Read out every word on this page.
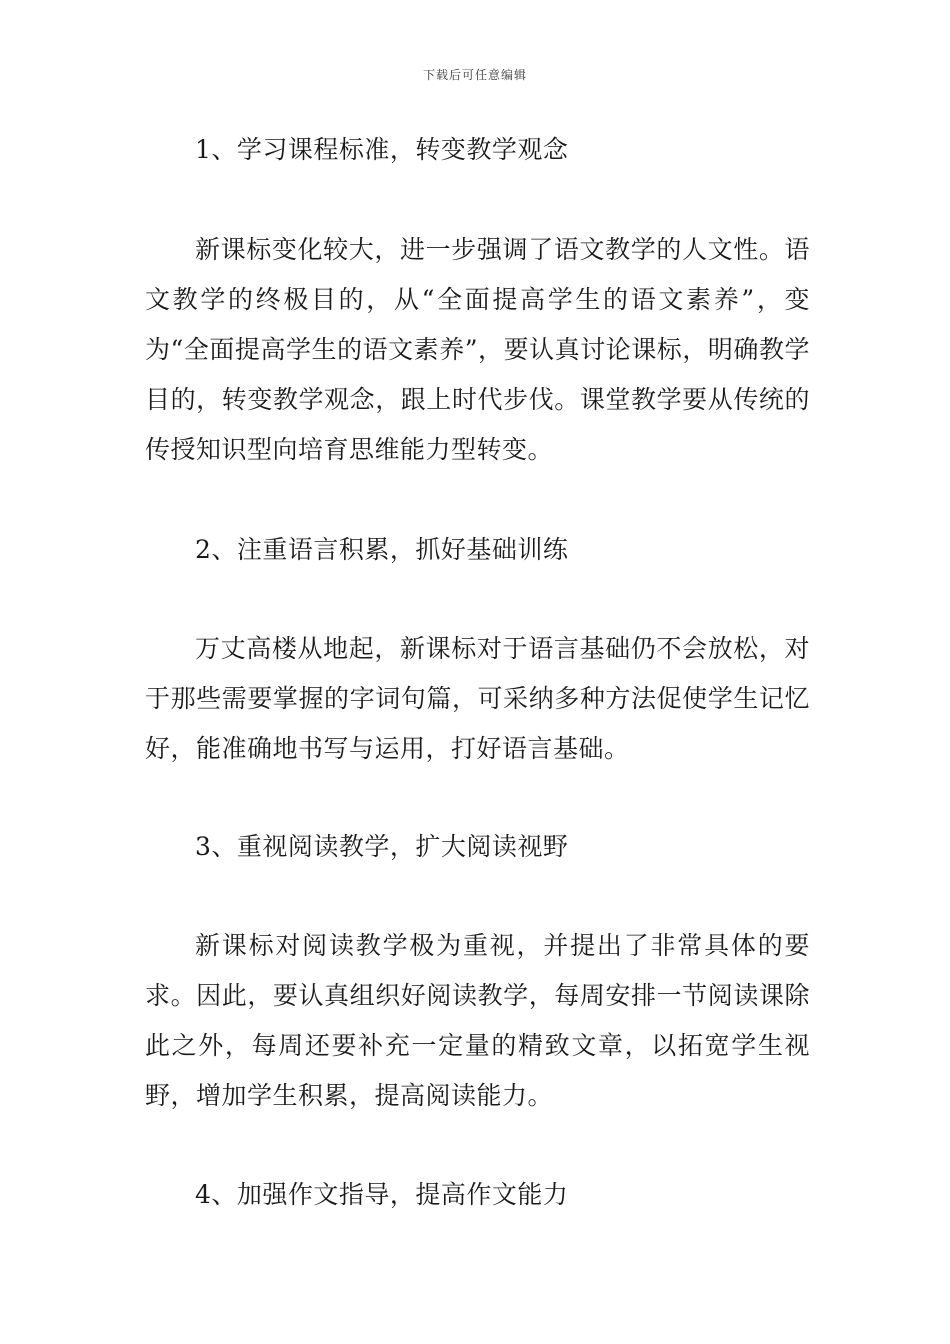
下载后可任意编辑
1、学习课程标准，转变教学观念
新课标变化较大，进一步强调了语文教学的人文性。语文教学的终极目的，从“全面提高学生的语文素养”，变为“全面提高学生的语文素养”，要认真讨论课标，明确教学目的，转变教学观念，跟上时代步伐。课堂教学要从传统的传授知识型向培育思维能力型转变。
2、注重语言积累，抓好基础训练
万丈高楼从地起，新课标对于语言基础仍不会放松，对于那些需要掌握的字词句篇，可采纳多种方法促使学生记忆好，能准确地书写与运用，打好语言基础。
3、重视阅读教学，扩大阅读视野
新课标对阅读教学极为重视，并提出了非常具体的要求。因此，要认真组织好阅读教学，每周安排一节阅读课除此之外，每周还要补充一定量的精致文章，以拓宽学生视野，增加学生积累，提高阅读能力。
4、加强作文指导，提高作文能力
